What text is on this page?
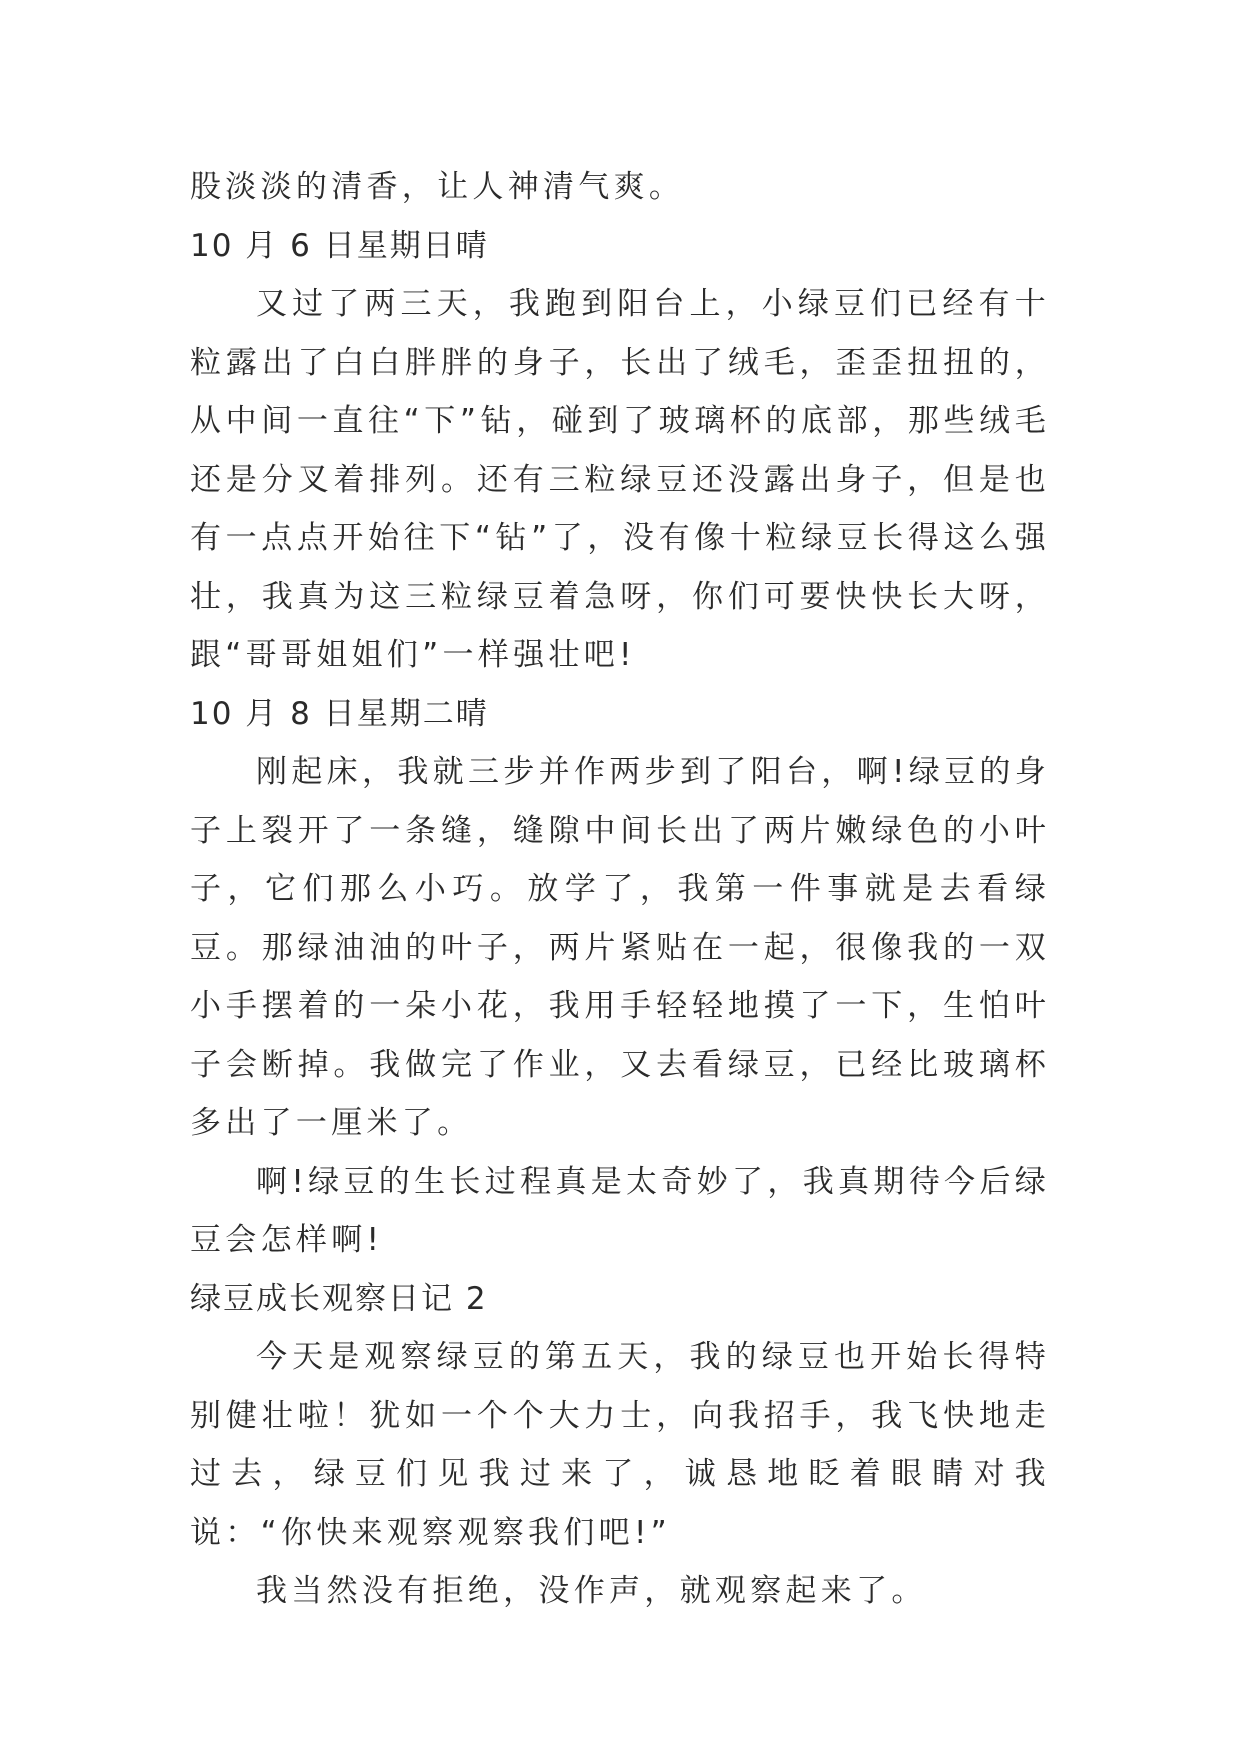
股淡淡的清香，让人神清气爽。

10 月 6 日星期日晴

又过了两三天，我跑到阳台上，小绿豆们已经有十粒露出了白白胖胖的身子，长出了绒毛，歪歪扭扭的，从中间一直往“下”钻，碰到了玻璃杯的底部，那些绒毛还是分叉着排列。还有三粒绿豆还没露出身子，但是也有一点点开始往下“钻”了，没有像十粒绿豆长得这么强壮，我真为这三粒绿豆着急呀，你们可要快快长大呀，跟“哥哥姐姐们”一样强壮吧!

10 月 8 日星期二晴

刚起床，我就三步并作两步到了阳台，啊!绿豆的身子上裂开了一条缝，缝隙中间长出了两片嫩绿色的小叶子，它们那么小巧。放学了，我第一件事就是去看绿豆。那绿油油的叶子，两片紧贴在一起，很像我的一双小手摆着的一朵小花，我用手轻轻地摸了一下，生怕叶子会断掉。我做完了作业，又去看绿豆，已经比玻璃杯多出了一厘米了。

啊!绿豆的生长过程真是太奇妙了，我真期待今后绿豆会怎样啊!

绿豆成长观察日记 2

今天是观察绿豆的第五天，我的绿豆也开始长得特别健壮啦！犹如一个个大力士，向我招手，我飞快地走过去，绿豆们见我过来了，诚恳地眨着眼睛对我说：“你快来观察观察我们吧!”

我当然没有拒绝，没作声，就观察起来了。
